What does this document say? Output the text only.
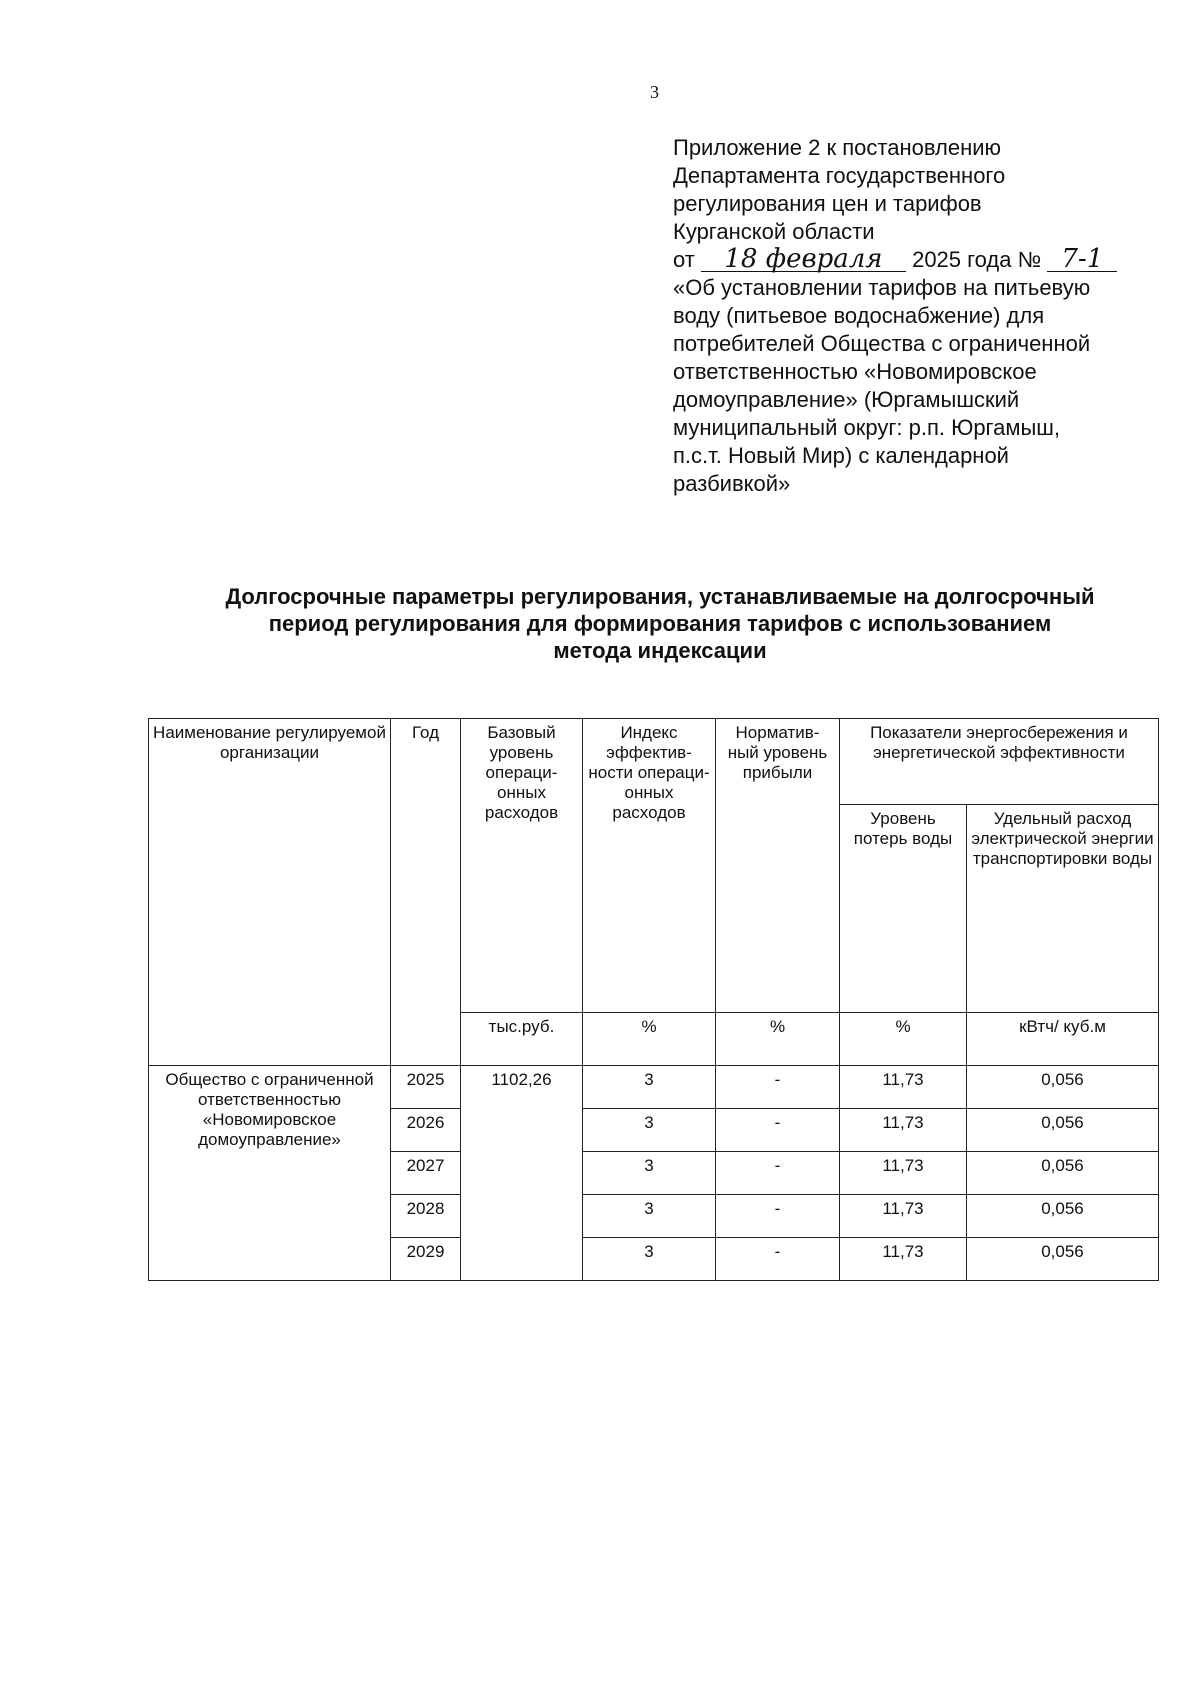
3
Приложение 2 к постановлению
Департамента государственного
регулирования цен и тарифов
Курганской области
от 18 февраля 2025 года № 7-1
«Об установлении тарифов на питьевую
воду (питьевое водоснабжение) для
потребителей Общества с ограниченной
ответственностью «Новомировское
домоуправление» (Юргамышский
муниципальный округ: р.п. Юргамыш,
п.с.т. Новый Мир) с календарной
разбивкой»
Долгосрочные параметры регулирования, устанавливаемые на долгосрочный
период регулирования для формирования тарифов с использованием
метода индексации
Наименование регулируемой организации	Год	Базовый уровень операци-онных расходов	Индекс эффектив-ности операци-онных расходов	Норматив-ный уровень прибыли	Показатели энергосбережения и энергетической эффективности	
					Уровень потерь воды	Удельный расход электрической энергии транспортировки воды
		тыс.руб.	%	%	%	кВтч/ куб.м
Общество с ограниченной ответственностью «Новомировское домоуправление»	2025	1102,26	3	-	11,73	0,056
	2026		3	-	11,73	0,056
	2027		3	-	11,73	0,056
	2028		3	-	11,73	0,056
	2029		3	-	11,73	0,056
